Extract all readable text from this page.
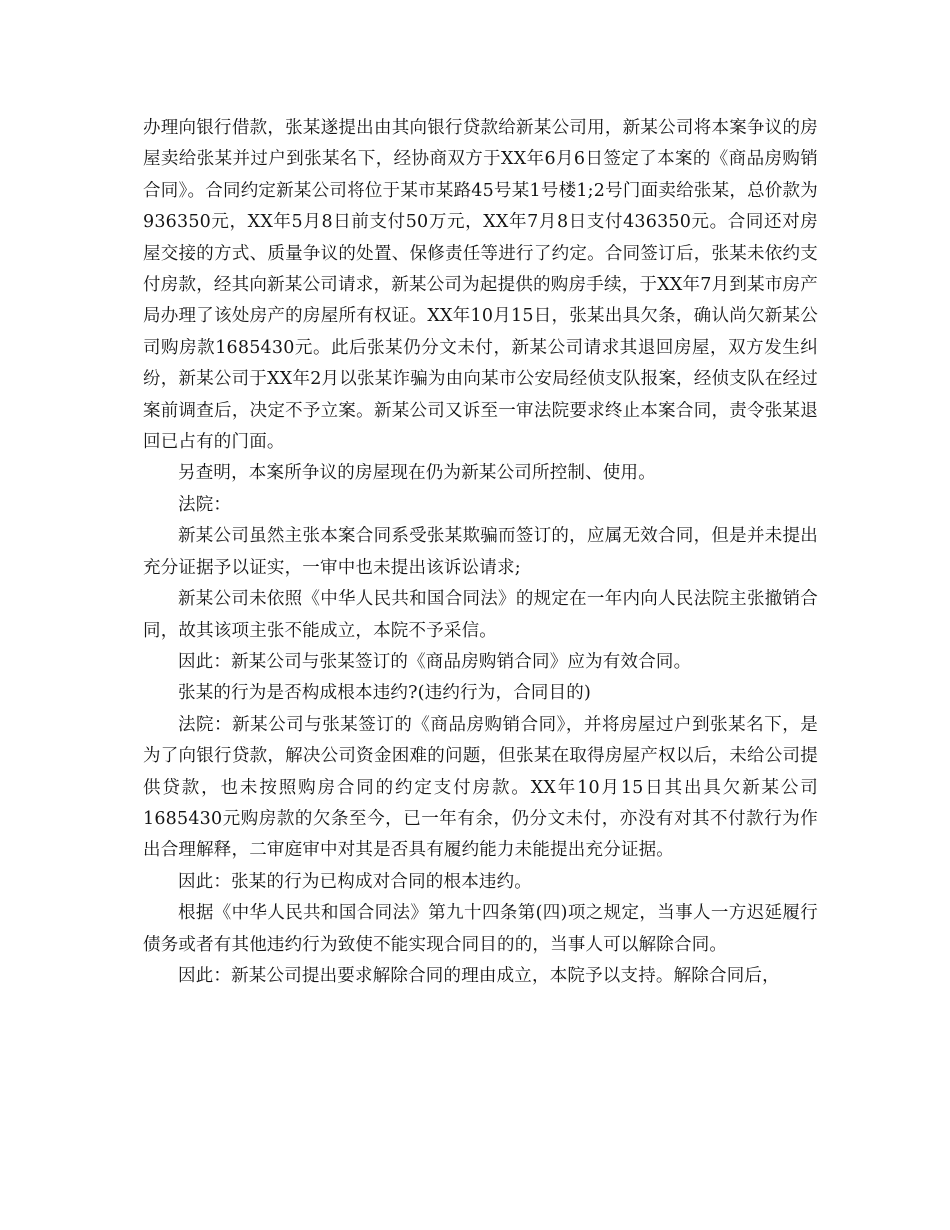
办理向银行借款，张某遂提出由其向银行贷款给新某公司用，新某公司将本案争议的房屋卖给张某并过户到张某名下，经协商双方于XX年6月6日签定了本案的《商品房购销合同》。合同约定新某公司将位于某市某路45号某1号楼1;2号门面卖给张某，总价款为936350元，XX年5月8日前支付50万元，XX年7月8日支付436350元。合同还对房屋交接的方式、质量争议的处置、保修责任等进行了约定。合同签订后，张某未依约支付房款，经其向新某公司请求，新某公司为起提供的购房手续，于XX年7月到某市房产局办理了该处房产的房屋所有权证。XX年10月15日，张某出具欠条，确认尚欠新某公司购房款1685430元。此后张某仍分文未付，新某公司请求其退回房屋，双方发生纠纷，新某公司于XX年2月以张某诈骗为由向某市公安局经侦支队报案，经侦支队在经过案前调查后，决定不予立案。新某公司又诉至一审法院要求终止本案合同，责令张某退回已占有的门面。

另查明，本案所争议的房屋现在仍为新某公司所控制、使用。

法院：

新某公司虽然主张本案合同系受张某欺骗而签订的，应属无效合同，但是并未提出充分证据予以证实，一审中也未提出该诉讼请求;

新某公司未依照《中华人民共和国合同法》的规定在一年内向人民法院主张撤销合同，故其该项主张不能成立，本院不予采信。

因此：新某公司与张某签订的《商品房购销合同》应为有效合同。

张某的行为是否构成根本违约?(违约行为，合同目的)

法院：新某公司与张某签订的《商品房购销合同》，并将房屋过户到张某名下，是为了向银行贷款，解决公司资金困难的问题，但张某在取得房屋产权以后，未给公司提供贷款，也未按照购房合同的约定支付房款。XX年10月15日其出具欠新某公司1685430元购房款的欠条至今，已一年有余，仍分文未付，亦没有对其不付款行为作出合理解释，二审庭审中对其是否具有履约能力未能提出充分证据。

因此：张某的行为已构成对合同的根本违约。

根据《中华人民共和国合同法》第九十四条第(四)项之规定，当事人一方迟延履行债务或者有其他违约行为致使不能实现合同目的的，当事人可以解除合同。

因此：新某公司提出要求解除合同的理由成立，本院予以支持。解除合同后，
